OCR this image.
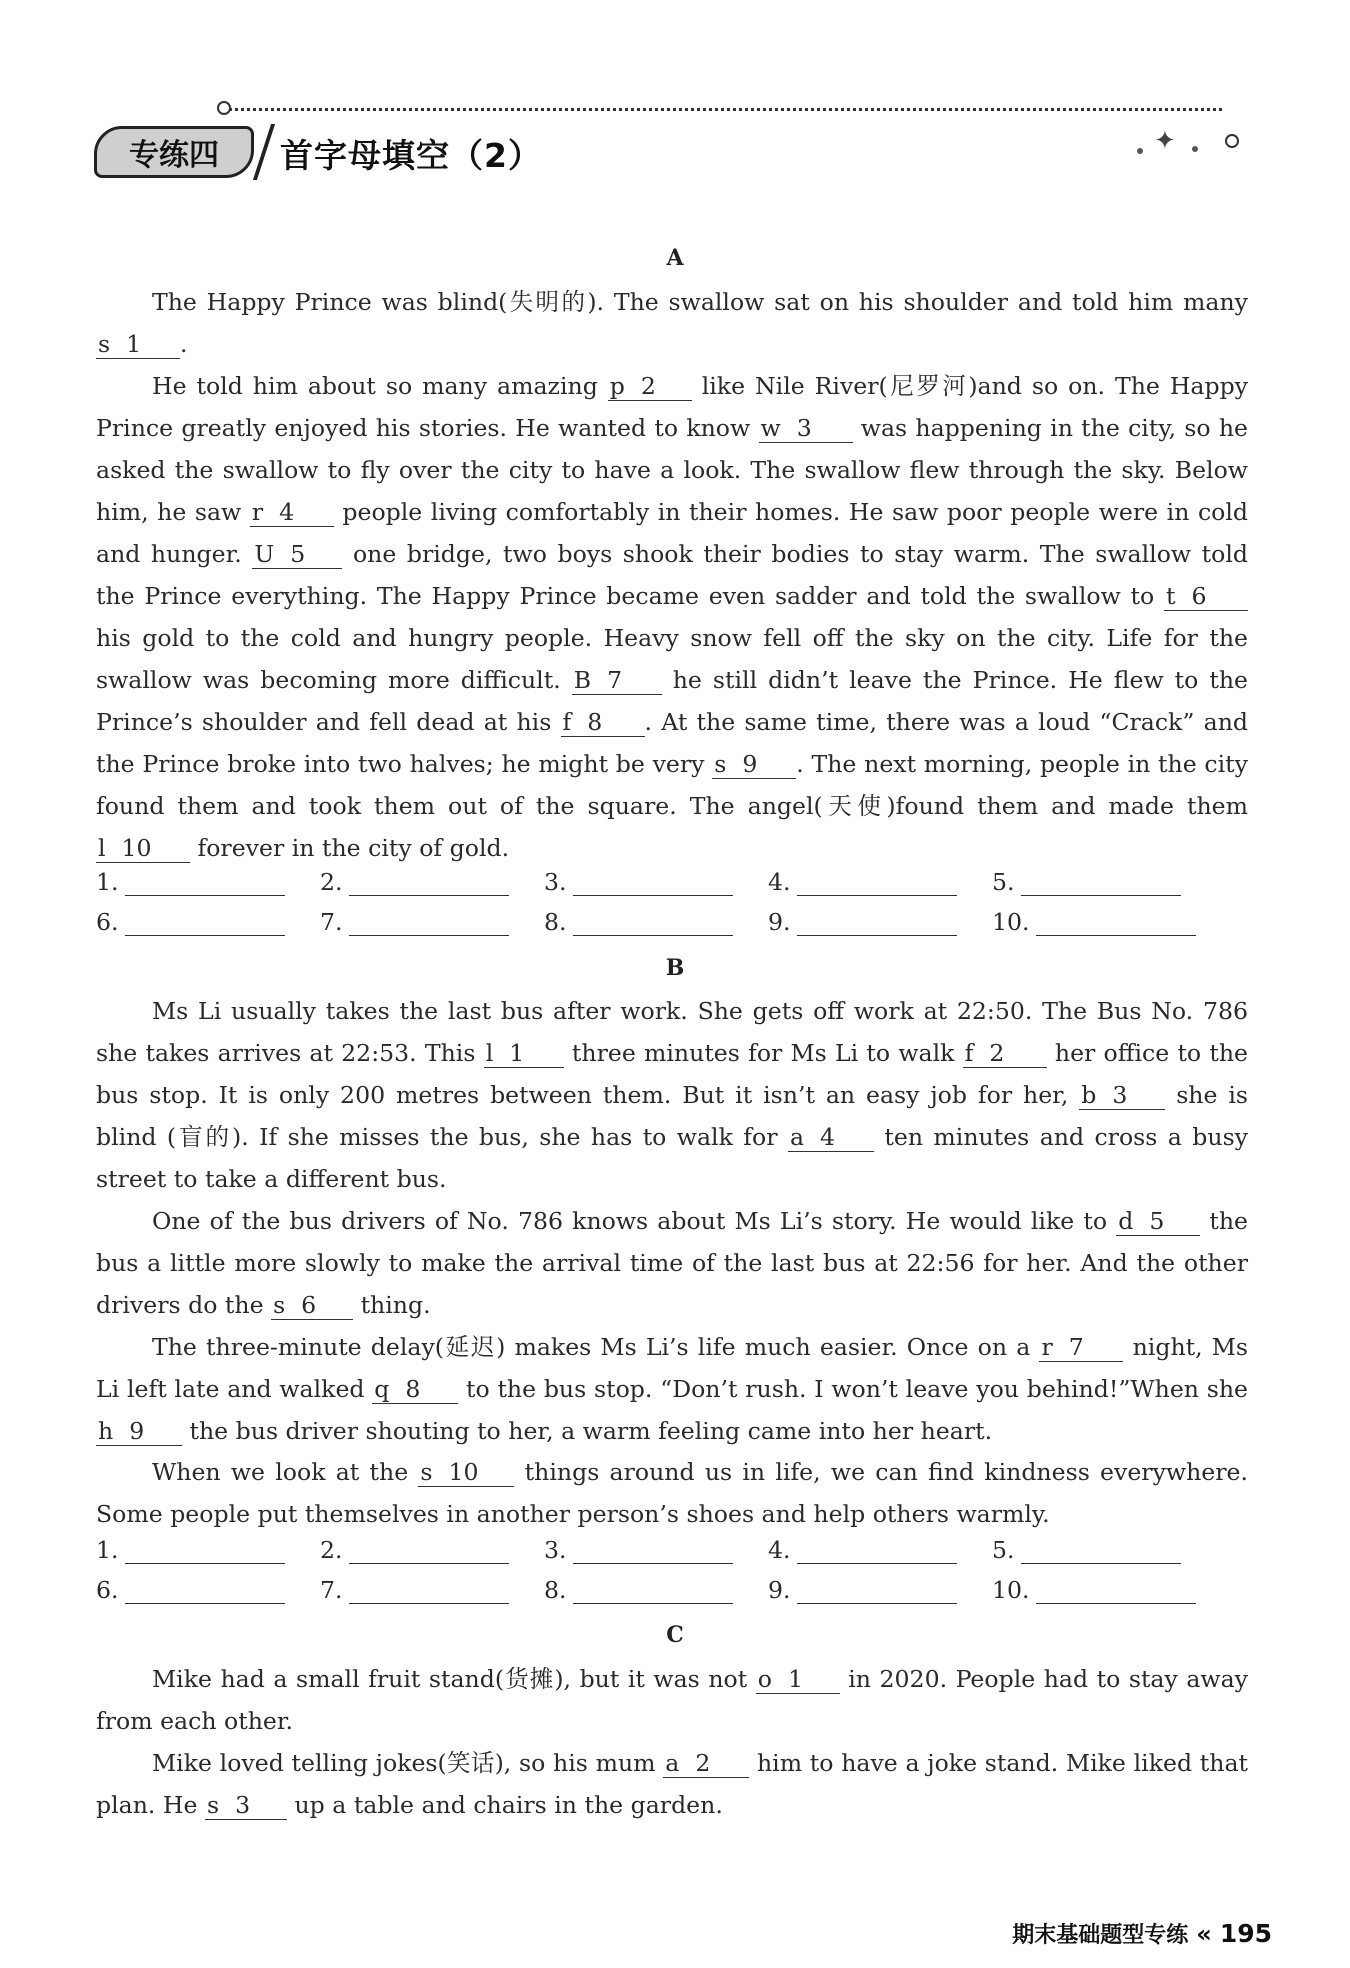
✦
专练四	首字母填空（2）
A
The Happy Prince was blind(失明的). The swallow sat on his shoulder and told him many s 1 .
He told him about so many amazing p 2 like Nile River(尼罗河)and so on. The Happy Prince greatly enjoyed his stories. He wanted to know w 3 was happening in the city, so he asked the swallow to fly over the city to have a look. The swallow flew through the sky. Below him, he saw r 4 people living comfortably in their homes. He saw poor people were in cold and hunger. U 5 one bridge, two boys shook their bodies to stay warm. The swallow told the Prince everything. The Happy Prince became even sadder and told the swallow to t 6 his gold to the cold and hungry people. Heavy snow fell off the sky on the city. Life for the swallow was becoming more difficult. B 7 he still didn’t leave the Prince. He flew to the Prince’s shoulder and fell dead at his f 8 . At the same time, there was a loud “Crack” and the Prince broke into two halves; he might be very s 9 . The next morning, people in the city found them and took them out of the square. The angel(天使)found them and made them l 10 forever in the city of gold.
1.	2.	3.	4.	5.
6.	7.	8.	9.	10.
B
Ms Li usually takes the last bus after work. She gets off work at 22:50. The Bus No. 786 she takes arrives at 22:53. This l 1 three minutes for Ms Li to walk f 2 her office to the bus stop. It is only 200 metres between them. But it isn’t an easy job for her, b 3 she is blind (盲的). If she misses the bus, she has to walk for a 4 ten minutes and cross a busy street to take a different bus.
One of the bus drivers of No. 786 knows about Ms Li’s story. He would like to d 5 the bus a little more slowly to make the arrival time of the last bus at 22:56 for her. And the other drivers do the s 6 thing.
The three-minute delay(延迟) makes Ms Li’s life much easier. Once on a r 7 night, Ms Li left late and walked q 8 to the bus stop. “Don’t rush. I won’t leave you behind!”When she h 9 the bus driver shouting to her, a warm feeling came into her heart.
When we look at the s 10 things around us in life, we can find kindness everywhere. Some people put themselves in another person’s shoes and help others warmly.
1.	2.	3.	4.	5.
6.	7.	8.	9.	10.
C
Mike had a small fruit stand(货摊), but it was not o 1 in 2020. People had to stay away from each other.
Mike loved telling jokes(笑话), so his mum a 2 him to have a joke stand. Mike liked that plan. He s 3 up a table and chairs in the garden.
期末基础题型专练 « 195
